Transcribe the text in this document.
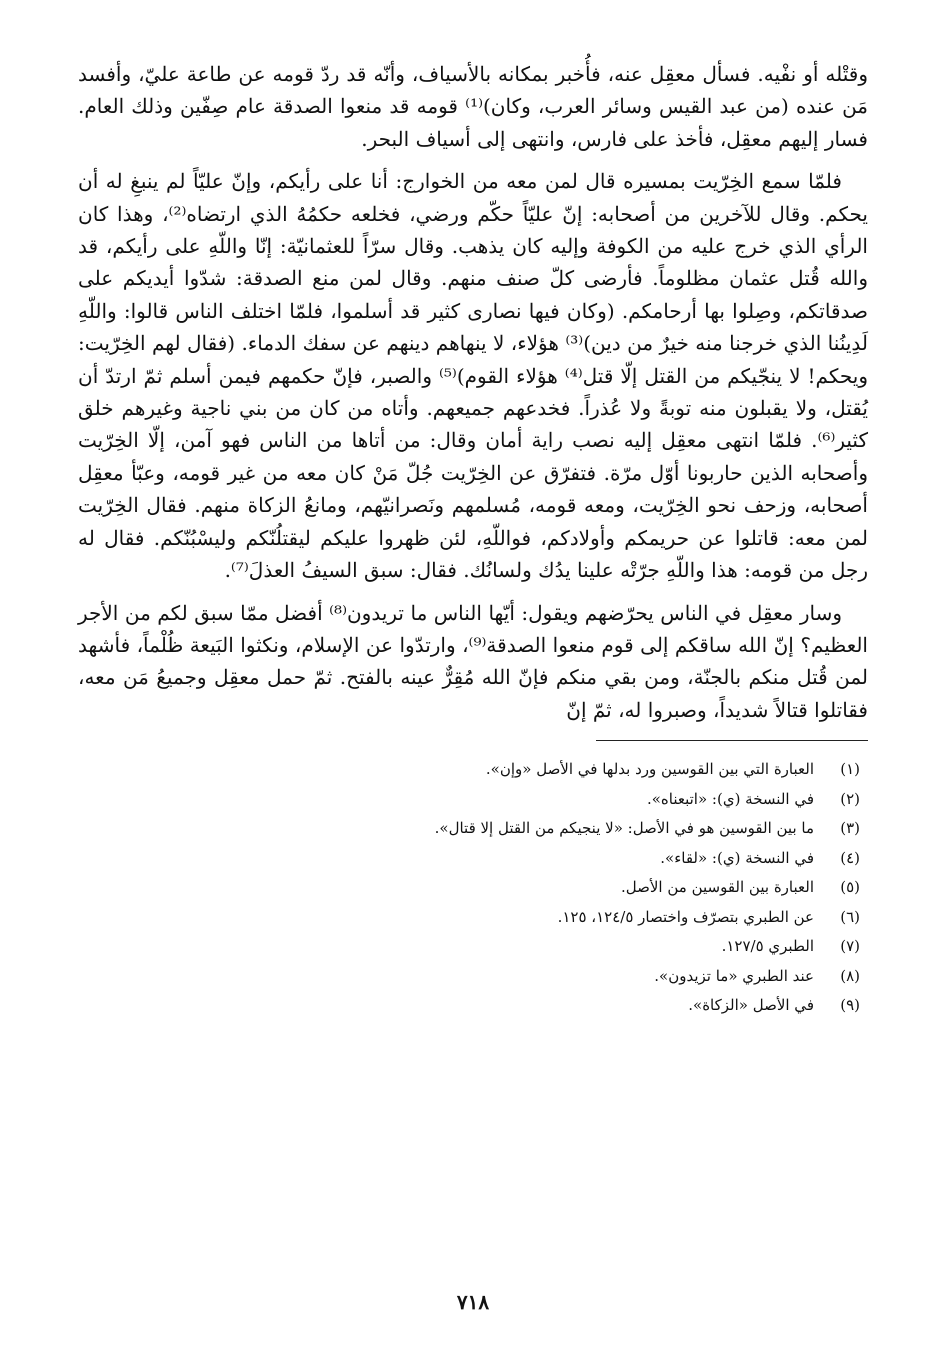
وقتْله أو نفْيه. فسأل معقِل عنه، فأُخبر بمكانه بالأسياف، وأنّه قد ردّ قومه عن طاعة عليّ، وأفسد مَن عنده (من عبد القيس وسائر العرب، وكان)⁽¹⁾ قومه قد منعوا الصدقة عام صِفّين وذلك العام. فسار إليهم معقِل، فأخذ على فارس، وانتهى إلى أسياف البحر.

فلمّا سمع الخِرّيت بمسيره قال لمن معه من الخوارج: أنا على رأيكم، وإنّ عليّاً لم ينبغِ له أن يحكم. وقال للآخرين من أصحابه: إنّ عليّاً حكّم ورضي، فخلعه حكمُهُ الذي ارتضاه⁽²⁾، وهذا كان الرأي الذي خرج عليه من الكوفة وإليه كان يذهب. وقال سرّاً للعثمانيّة: إنّا واللّهِ على رأيكم، قد والله قُتل عثمان مظلوماً. فأرضى كلّ صنف منهم. وقال لمن منع الصدقة: شدّوا أيديكم على صدقاتكم، وصِلوا بها أرحامكم. (وكان فيها نصارى كثير قد أسلموا، فلمّا اختلف الناس قالوا: واللّهِ لَدِينُنا الذي خرجنا منه خيرٌ من دين)⁽³⁾ هؤلاء، لا ينهاهم دينهم عن سفك الدماء. (فقال لهم الخِرّيت: ويحكم! لا ينجّيكم من القتل إلّا قتل⁽⁴⁾ هؤلاء القوم)⁽⁵⁾ والصبر، فإنّ حكمهم فيمن أسلم ثمّ ارتدّ أن يُقتل، ولا يقبلون منه توبةً ولا عُذراً. فخدعهم جميعهم. وأتاه من كان من بني ناجية وغيرهم خلق كثير⁽⁶⁾. فلمّا انتهى معقِل إليه نصب راية أمان وقال: من أتاها من الناس فهو آمن، إلّا الخِرّيت وأصحابه الذين حاربونا أوّل مرّة. فتفرّق عن الخِرّيت جُلّ مَنْ كان معه من غير قومه، وعبّأ معقِل أصحابه، وزحف نحو الخِرّيت، ومعه قومه، مُسلمهم ونَصرانيّهم، ومانعُ الزكاة منهم. فقال الخِرّيت لمن معه: قاتلوا عن حريمكم وأولادكم، فواللّهِ، لئن ظهروا عليكم ليقتلُنّكم وليسْبُنّكم. فقال له رجل من قومه: هذا واللّهِ جرّتْه علينا يدُك ولسانُك. فقال: سبق السيفُ العذلَ⁽⁷⁾.

وسار معقِل في الناس يحرّضهم ويقول: أيّها الناس ما تريدون⁽⁸⁾ أفضل ممّا سبق لكم من الأجر العظيم؟ إنّ الله ساقكم إلى قوم منعوا الصدقة⁽⁹⁾، وارتدّوا عن الإسلام، ونكثوا البَيعة ظُلْماً، فأشهد لمن قُتل منكم بالجنّة، ومن بقي منكم فإنّ الله مُقِرٌّ عينه بالفتح. ثمّ حمل معقِل وجميعُ مَن معه، فقاتلوا قتالاً شديداً، وصبروا له، ثمّ إنّ

(١)
العبارة التي بين القوسين ورد بدلها في الأصل «وإن».
(٢)
في النسخة (ي): «اتبعناه».
(٣)
ما بين القوسين هو في الأصل: «لا ينجيكم من القتل إلا قتال».
(٤)
في النسخة (ي): «لقاء».
(٥)
العبارة بين القوسين من الأصل.
(٦)
عن الطبري بتصرّف واختصار ١٢٤/٥، ١٢٥.
(٧)
الطبري ١٢٧/٥.
(٨)
عند الطبري «ما تزيدون».
(٩)
في الأصل «الزكاة».
٧١٨
